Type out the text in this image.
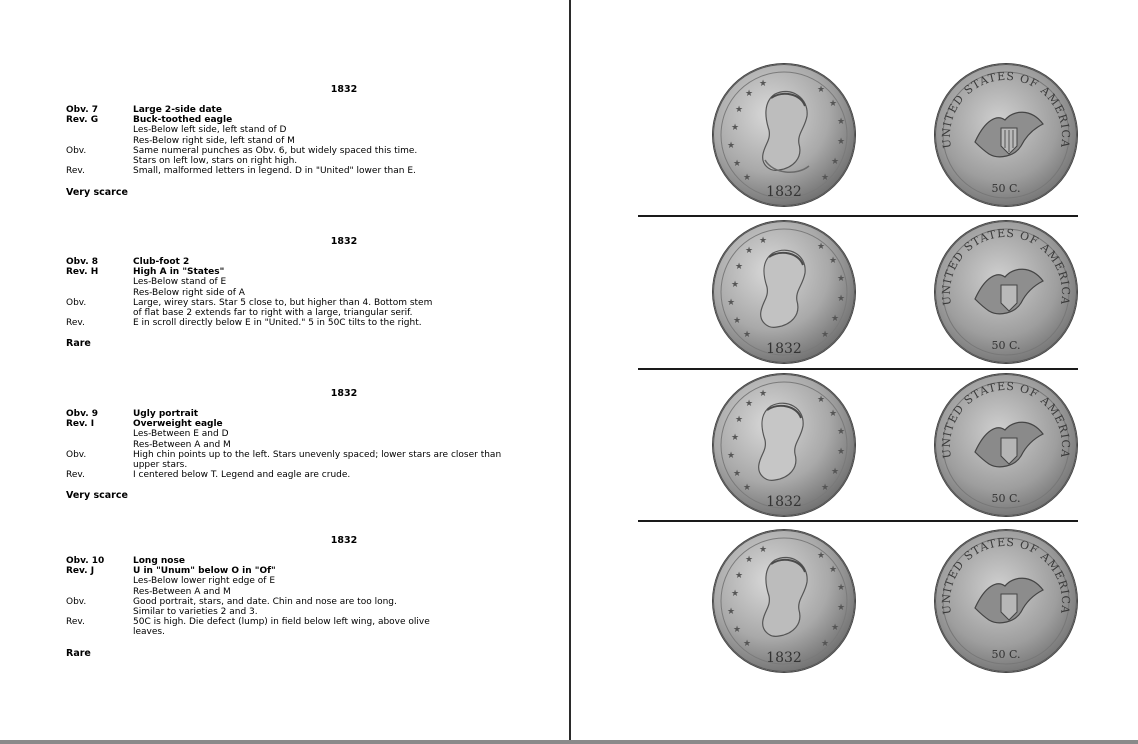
1832
Obv. 7	Large 2-side date
Rev. G	Buck-toothed eagle
Les-Below left side, left stand of D
Res-Below right side, left stand of M
Obv.	Same numeral punches as Obv. 6, but widely spaced this time.
Stars on left low, stars on right high.
Rev.	Small, malformed letters in legend. D in "United" lower than E.
Very scarce
1832
Obv. 8	Club-foot 2
Rev. H	High A in "States"
Les-Below stand of E
Res-Below right side of A
Obv.	Large, wirey stars. Star 5 close to, but higher than 4. Bottom stem
of flat base 2 extends far to right with a large, triangular serif.
Rev.	E in scroll directly below E in "United." 5 in 50C tilts to the right.
Rare
1832
Obv. 9	Ugly portrait
Rev. I	Overweight eagle
Les-Between E and D
Res-Between A and M
Obv.	High chin points up to the left. Stars unevenly spaced; lower stars are closer than
upper stars.
Rev.	I centered below T. Legend and eagle are crude.
Very scarce
1832
Obv. 10	Long nose
Rev. J	U in "Unum" below O in "Of"
Les-Below lower right edge of E
Res-Between A and M
Obv.	Good portrait, stars, and date. Chin and nose are too long.
Similar to varieties 2 and 3.
Rev.	50C is high. Die defect (lump) in field below left wing, above olive
leaves.
Rare
★
★
★
★
★
★
★
★
★
★
★
★
★
1832
UNITED STATES OF AMERICA
50 C.
★
★
★
★
★
★
★
★
★
★
★
★
★
1832
UNITED STATES OF AMERICA
50 C.
★
★
★
★
★
★
★
★
★
★
★
★
★
1832
UNITED STATES OF AMERICA
50 C.
★
★
★
★
★
★
★
★
★
★
★
★
★
1832
UNITED STATES OF AMERICA
50 C.
